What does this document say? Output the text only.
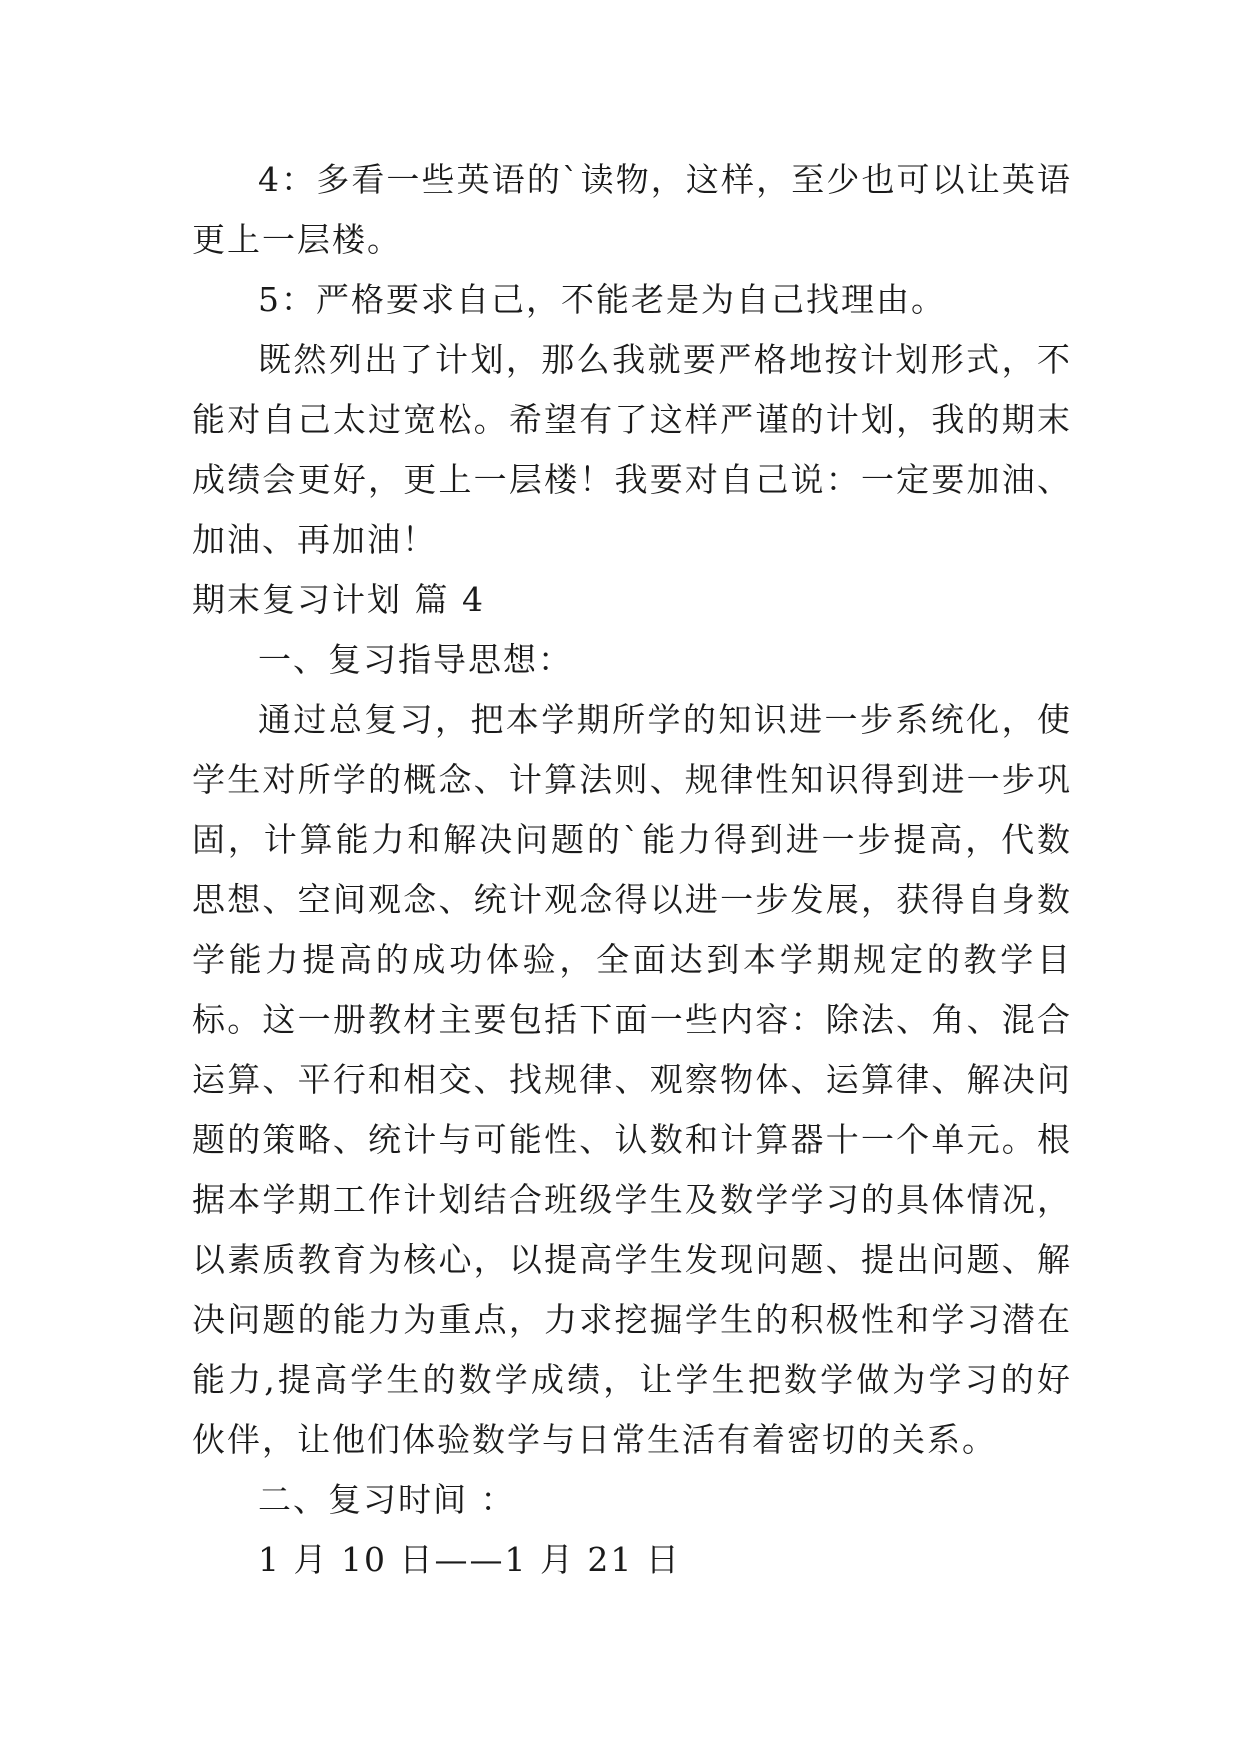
4：多看一些英语的`读物，这样，至少也可以让英语更上一层楼。

5：严格要求自己，不能老是为自己找理由。

既然列出了计划，那么我就要严格地按计划形式，不能对自己太过宽松。希望有了这样严谨的计划，我的期末成绩会更好，更上一层楼！我要对自己说：一定要加油、加油、再加油！

期末复习计划 篇 4

一、复习指导思想：

通过总复习，把本学期所学的知识进一步系统化，使学生对所学的概念、计算法则、规律性知识得到进一步巩固，计算能力和解决问题的`能力得到进一步提高，代数思想、空间观念、统计观念得以进一步发展，获得自身数学能力提高的成功体验，全面达到本学期规定的教学目标。这一册教材主要包括下面一些内容：除法、角、混合运算、平行和相交、找规律、观察物体、运算律、解决问题的策略、统计与可能性、认数和计算器十一个单元。根据本学期工作计划结合班级学生及数学学习的具体情况，以素质教育为核心，以提高学生发现问题、提出问题、解决问题的能力为重点，力求挖掘学生的积极性和学习潜在能力,提高学生的数学成绩，让学生把数学做为学习的好伙伴，让他们体验数学与日常生活有着密切的关系。

二、复习时间 ：

1 月 10 日——1 月 21 日
